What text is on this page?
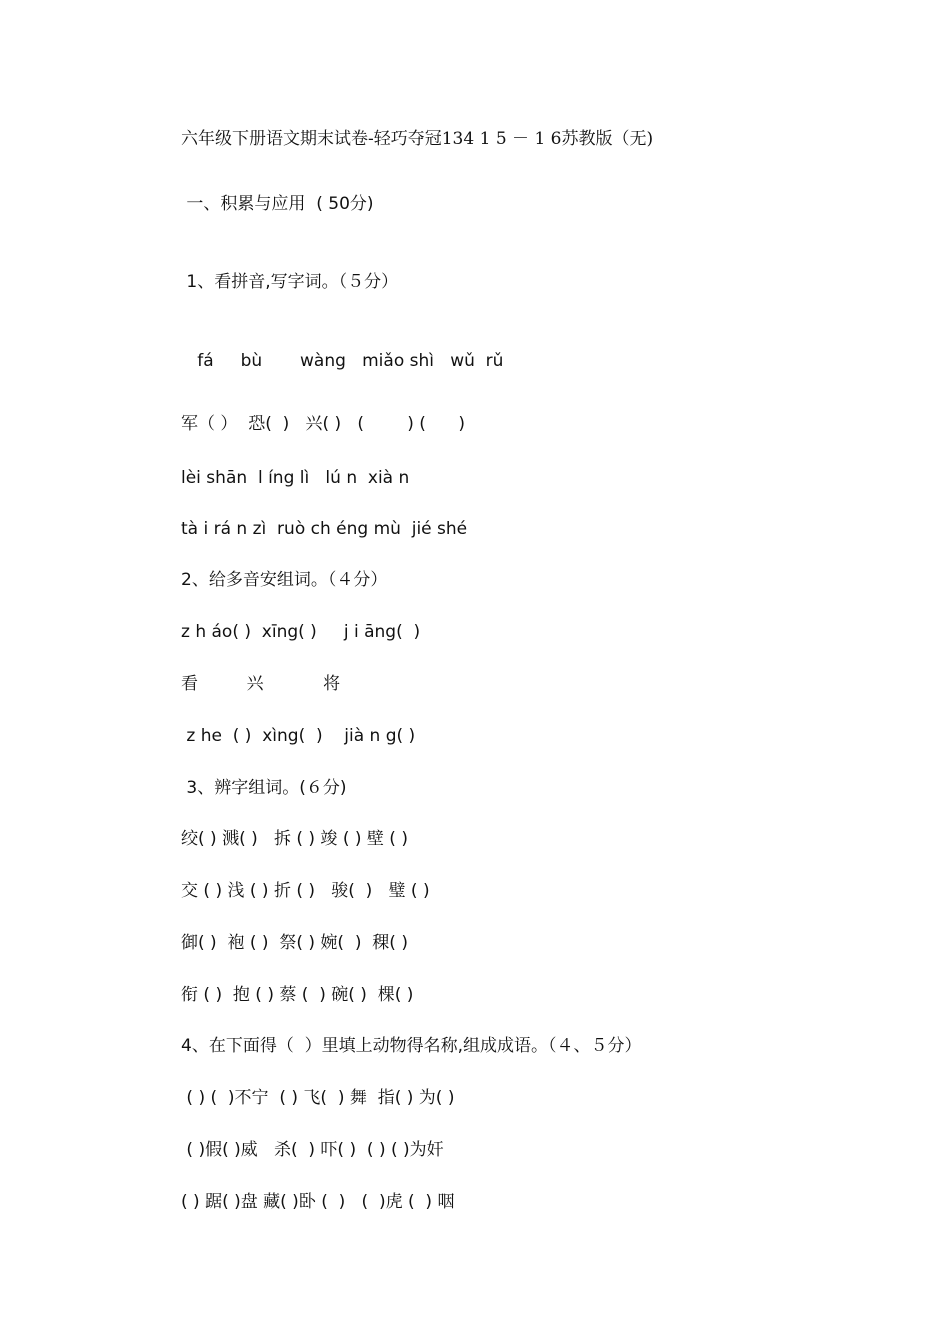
六年级下册语文期末试卷-轻巧夺冠134 1 5 － 1 6苏教版（无)
一、积累与应用  ( 50分)
1、看拼音,写字词。（５分）
fá     bù       wàng   miǎo shì   wǔ  rǔ
军（ ）  恐(  )   兴( )   (        ) (      )
lèi shān  l íng lì   lú n  xià n
tà i rá n zì  ruò ch éng mù  jié shé
2、给多音安组词。（４分）
z h áo( )  xīng( )     j i āng(  )
看         兴           将
z he  ( )  xìng(  )    jià n g( )
3、辨字组词。(６分)
绞( ) 溅( )   拆 ( ) 竣 ( ) 壁 ( )
交 ( ) 浅 ( ) 折 ( )   骏(  )   璧 ( )
御( )  袍 ( )  祭( ) 婉(  )  稞( )
衔 ( )  抱 ( ) 蔡 (  ) 碗( )  棵( )
4、在下面得（  ）里填上动物得名称,组成成语。（４、５分）
( ) (  )不宁  ( ) 飞(  ) 舞  指( ) 为( )
( )假( )威   杀(  ) 吓( )  ( ) ( )为奸
( ) 踞( )盘 藏( )卧 (  )   (  )虎 (  ) 咽
